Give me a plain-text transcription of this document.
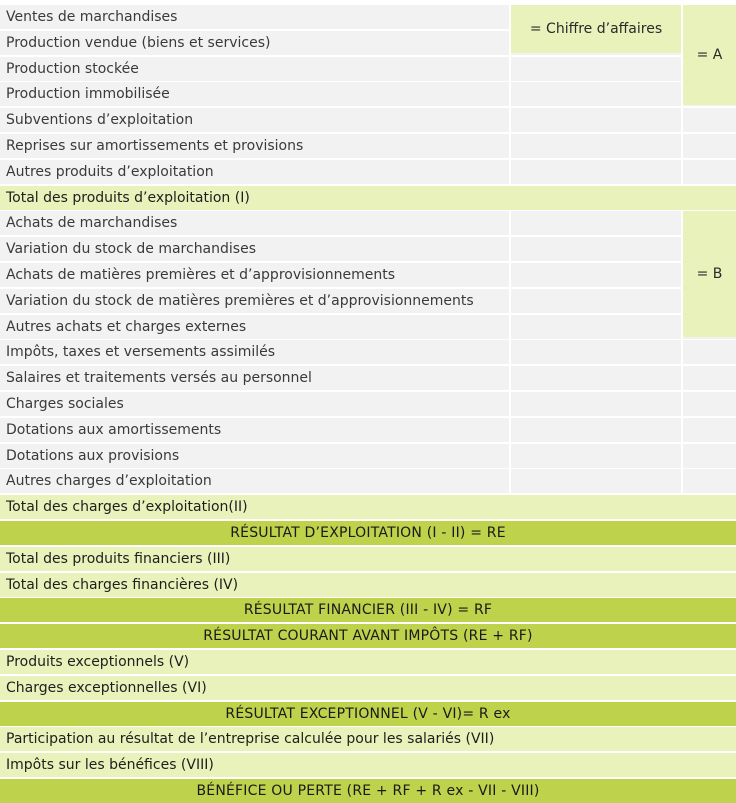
Ventes de marchandises
Production vendue (biens et services)
Production stockée
Production immobilisée
Subventions d’exploitation
Reprises sur amortissements et provisions
Autres produits d’exploitation
Total des produits d’exploitation (I)
Achats de marchandises
Variation du stock de marchandises
Achats de matières premières et d’approvisionnements
Variation du stock de matières premières et d’approvisionnements
Autres achats et charges externes
Impôts, taxes et versements assimilés
Salaires et traitements versés au personnel
Charges sociales
Dotations aux amortissements
Dotations aux provisions
Autres charges d’exploitation
Total des charges d’exploitation(II)
RÉSULTAT D’EXPLOITATION (I - II) = RE
Total des produits financiers (III)
Total des charges financières (IV)
RÉSULTAT FINANCIER (III - IV) = RF
RÉSULTAT COURANT AVANT IMPÔTS (RE + RF)
Produits exceptionnels (V)
Charges exceptionnelles (VI)
RÉSULTAT EXCEPTIONNEL (V - VI)= R ex
Participation au résultat de l’entreprise calculée pour les salariés (VII)
Impôts sur les bénéfices (VIII)
BÉNÉFICE OU PERTE (RE + RF + R ex - VII - VIII)
= Chiffre d’affaires
= A
= B
